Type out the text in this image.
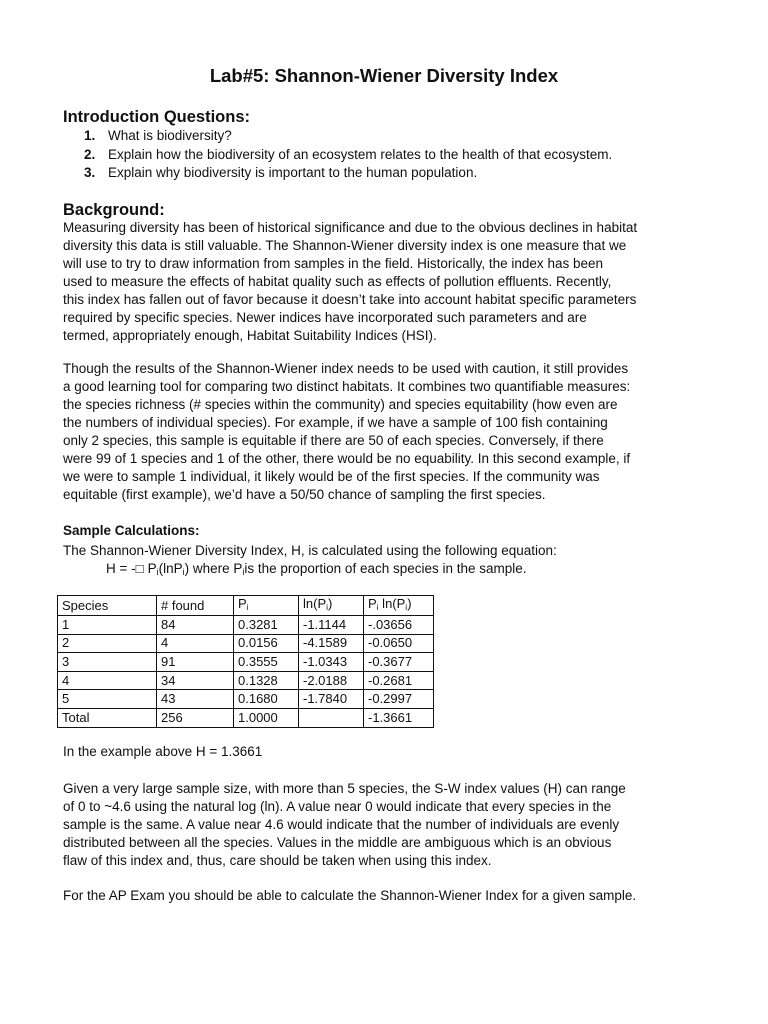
Lab#5: Shannon-Wiener Diversity Index
Introduction Questions:
1. What is biodiversity?
2. Explain how the biodiversity of an ecosystem relates to the health of that ecosystem.
3. Explain why biodiversity is important to the human population.
Background:

Measuring diversity has been of historical significance and due to the obvious declines in habitat
diversity this data is still valuable. The Shannon-Wiener diversity index is one measure that we
will use to try to draw information from samples in the field. Historically, the index has been
used to measure the effects of habitat quality such as effects of pollution effluents. Recently,
this index has fallen out of favor because it doesn’t take into account habitat specific parameters
required by specific species. Newer indices have incorporated such parameters and are
termed, appropriately enough, Habitat Suitability Indices (HSI).

Though the results of the Shannon-Wiener index needs to be used with caution, it still provides
a good learning tool for comparing two distinct habitats. It combines two quantifiable measures:
the species richness (# species within the community) and species equitability (how even are
the numbers of individual species). For example, if we have a sample of 100 fish containing
only 2 species, this sample is equitable if there are 50 of each species. Conversely, if there
were 99 of 1 species and 1 of the other, there would be no equability. In this second example, if
we were to sample 1 individual, it likely would be of the first species. If the community was
equitable (first example), we’d have a 50/50 chance of sampling the first species.

Sample Calculations:

The Shannon-Wiener Diversity Index, H, is calculated using the following equation:

H = -□ $P_i(\ln P_i)$ where $P_iis$ the proportion of each species in the sample.

Species	# found	$P_i$	$\ln(P_i)$	$P_i$ $\ln(P_i)$
1	84	0.3281	-1.1144	-.03656
2	4	0.0156	-4.1589	-0.0650
3	91	0.3555	-1.0343	-0.3677
4	34	0.1328	-2.0188	-0.2681
5	43	0.1680	-1.7840	-0.2997
Total	256	1.0000		-1.3661

In the example above H = 1.3661

Given a very large sample size, with more than 5 species, the S-W index values (H) can range
of 0 to ~4.6 using the natural log (ln). A value near 0 would indicate that every species in the
sample is the same. A value near 4.6 would indicate that the number of individuals are evenly
distributed between all the species. Values in the middle are ambiguous which is an obvious
flaw of this index and, thus, care should be taken when using this index.

For the AP Exam you should be able to calculate the Shannon-Wiener Index for a given sample.
